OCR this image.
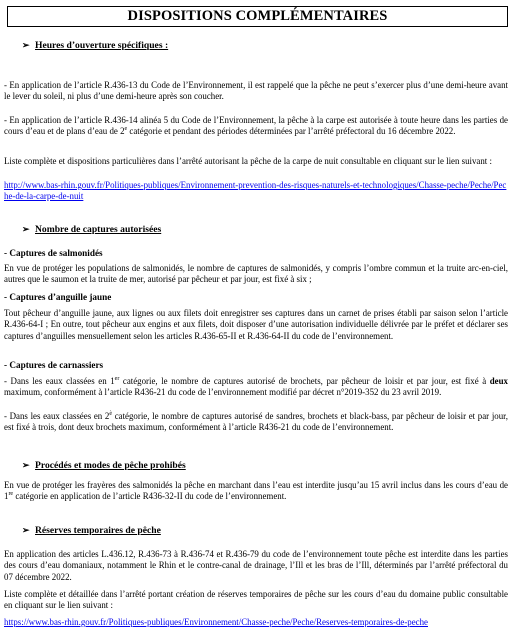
DISPOSITIONS COMPLÉMENTAIRES
➢ Heures d’ouverture spécifiques :

- En application de l’article R.436-13 du Code de l’Environnement, il est rappelé que la pêche ne peut s’exercer plus d’une demi-heure avant le lever du soleil, ni plus d’une demi-heure après son coucher.

- En application de l’article R.436-14 alinéa 5 du Code de l’Environnement, la pêche à la carpe est autorisée à toute heure dans les parties de cours d’eau et de plans d’eau de 2e catégorie et pendant des périodes déterminées par l’arrêté préfectoral du 16 décembre 2022.

Liste complète et dispositions particulières dans l’arrêté autorisant la pêche de la carpe de nuit consultable en cliquant sur le lien suivant :

http://www.bas-rhin.gouv.fr/Politiques-publiques/Environnement-prevention-des-risques-naturels-et-technologiques/Chasse-peche/Peche/Peche-de-la-carpe-de-nuit

➢ Nombre de captures autorisées
- Captures de salmonidés

En vue de protéger les populations de salmonidés, le nombre de captures de salmonidés, y compris l’ombre commun et la truite arc-en-ciel, autres que le saumon et la truite de mer, autorisé par pêcheur et par jour, est fixé à six ;

- Captures d’anguille jaune

Tout pêcheur d’anguille jaune, aux lignes ou aux filets doit enregistrer ses captures dans un carnet de prises établi par saison selon l’article R.436-64-I ; En outre, tout pêcheur aux engins et aux filets, doit disposer d’une autorisation individuelle délivrée par le préfet et déclarer ses captures d’anguilles mensuellement selon les articles R.436-65-II et R.436-64-II du code de l’environnement.

- Captures de carnassiers

- Dans les eaux classées en 1er catégorie, le nombre de captures autorisé de brochets, par pêcheur de loisir et par jour, est fixé à deux maximum, conformément à l’article R436-21 du code de l’environnement modifié par décret n°2019-352 du 23 avril 2019.

- Dans les eaux classées en $2^è$ catégorie, le nombre de captures autorisé de sandres, brochets et black-bass, par pêcheur de loisir et par jour, est fixé à trois, dont deux brochets maximum, conformément à l’article R436-21 du code de l’environnement.

➢ Procédés et modes de pêche prohibés

En vue de protéger les frayères des salmonidés la pêche en marchant dans l’eau est interdite jusqu’au 15 avril inclus dans les cours d’eau de 1re catégorie en application de l’article R436-32-II du code de l’environnement.

➢ Réserves temporaires de pêche

En application des articles L.436.12, R.436-73 à R.436-74 et R.436-79 du code de l’environnement toute pêche est interdite dans les parties des cours d’eau domaniaux, notamment le Rhin et le contre-canal de drainage, l’Ill et les bras de l’Ill, déterminés par l’arrêté préfectoral du 07 décembre 2022.

Liste complète et détaillée dans l’arrêté portant création de réserves temporaires de pêche sur les cours d’eau du domaine public consultable en cliquant sur le lien suivant :

https://www.bas-rhin.gouv.fr/Politiques-publiques/Environnement/Chasse-peche/Peche/Reserves-temporaires-de-peche
